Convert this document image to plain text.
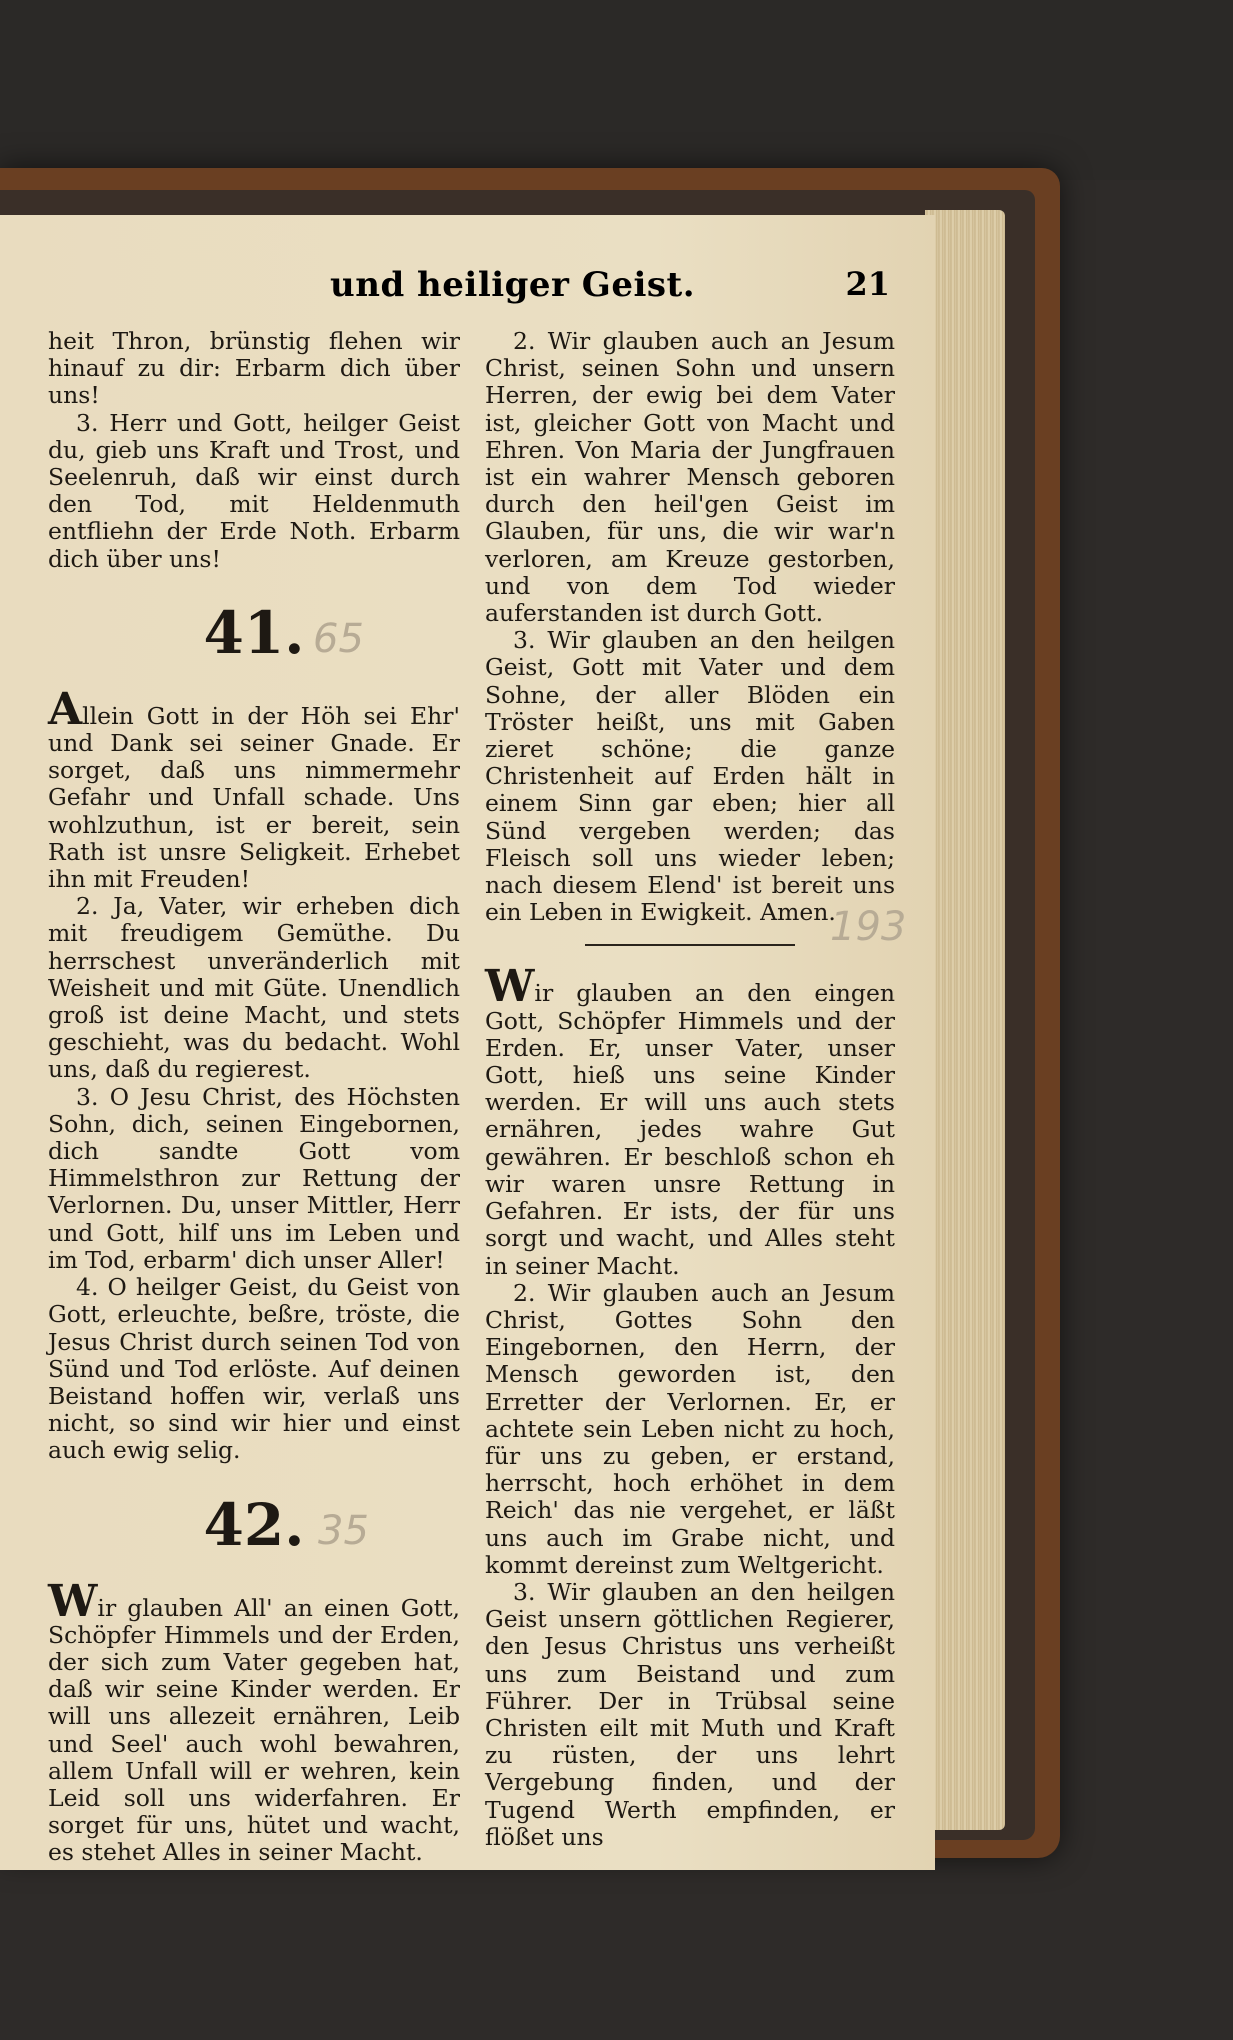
und heiliger Geist.	21

heit Thron, brünstig flehen wir hinauf zu dir: Erbarm dich über uns!

3. Herr und Gott, heilger Geist du, gieb uns Kraft und Trost, und Seelenruh, daß wir einst durch den Tod, mit Heldenmuth entfliehn der Erde Noth. Erbarm dich über uns!

41. 65

Allein Gott in der Höh sei Ehr' und Dank sei seiner Gnade. Er sorget, daß uns nimmermehr Gefahr und Unfall schade. Uns wohlzuthun, ist er bereit, sein Rath ist unsre Seligkeit. Erhebet ihn mit Freuden!

2. Ja, Vater, wir erheben dich mit freudigem Gemüthe. Du herrschest unveränderlich mit Weisheit und mit Güte. Unendlich groß ist deine Macht, und stets geschieht, was du bedacht. Wohl uns, daß du regierest.

3. O Jesu Christ, des Höchsten Sohn, dich, seinen Eingebornen, dich sandte Gott vom Himmelsthron zur Rettung der Verlornen. Du, unser Mittler, Herr und Gott, hilf uns im Leben und im Tod, erbarm' dich unser Aller!

4. O heilger Geist, du Geist von Gott, erleuchte, beßre, tröste, die Jesus Christ durch seinen Tod von Sünd und Tod erlöste. Auf deinen Beistand hoffen wir, verlaß uns nicht, so sind wir hier und einst auch ewig selig.

42. 35

Wir glauben All' an einen Gott, Schöpfer Himmels und der Erden, der sich zum Vater gegeben hat, daß wir seine Kinder werden. Er will uns allezeit ernähren, Leib und Seel' auch wohl bewahren, allem Unfall will er wehren, kein Leid soll uns widerfahren. Er sorget für uns, hütet und wacht, es stehet Alles in seiner Macht.

2. Wir glauben auch an Jesum Christ, seinen Sohn und unsern Herren, der ewig bei dem Vater ist, gleicher Gott von Macht und Ehren. Von Maria der Jungfrauen ist ein wahrer Mensch geboren durch den heil'gen Geist im Glauben, für uns, die wir war'n verloren, am Kreuze gestorben, und von dem Tod wieder auferstanden ist durch Gott.

3. Wir glauben an den heilgen Geist, Gott mit Vater und dem Sohne, der aller Blöden ein Tröster heißt, uns mit Gaben zieret schöne; die ganze Christenheit auf Erden hält in einem Sinn gar eben; hier all Sünd vergeben werden; das Fleisch soll uns wieder leben; nach diesem Elend' ist bereit uns ein Leben in Ewigkeit. Amen.

193

Wir glauben an den eingen Gott, Schöpfer Himmels und der Erden. Er, unser Vater, unser Gott, hieß uns seine Kinder werden. Er will uns auch stets ernähren, jedes wahre Gut gewähren. Er beschloß schon eh wir waren unsre Rettung in Gefahren. Er ists, der für uns sorgt und wacht, und Alles steht in seiner Macht.

2. Wir glauben auch an Jesum Christ, Gottes Sohn den Eingebornen, den Herrn, der Mensch geworden ist, den Erretter der Verlornen. Er, er achtete sein Leben nicht zu hoch, für uns zu geben, er erstand, herrscht, hoch erhöhet in dem Reich' das nie vergehet, er läßt uns auch im Grabe nicht, und kommt dereinst zum Weltgericht.

3. Wir glauben an den heilgen Geist unsern göttlichen Regierer, den Jesus Christus uns verheißt uns zum Beistand und zum Führer. Der in Trübsal seine Christen eilt mit Muth und Kraft zu rüsten, der uns lehrt Vergebung finden, und der Tugend Werth empfinden, er flößet uns
